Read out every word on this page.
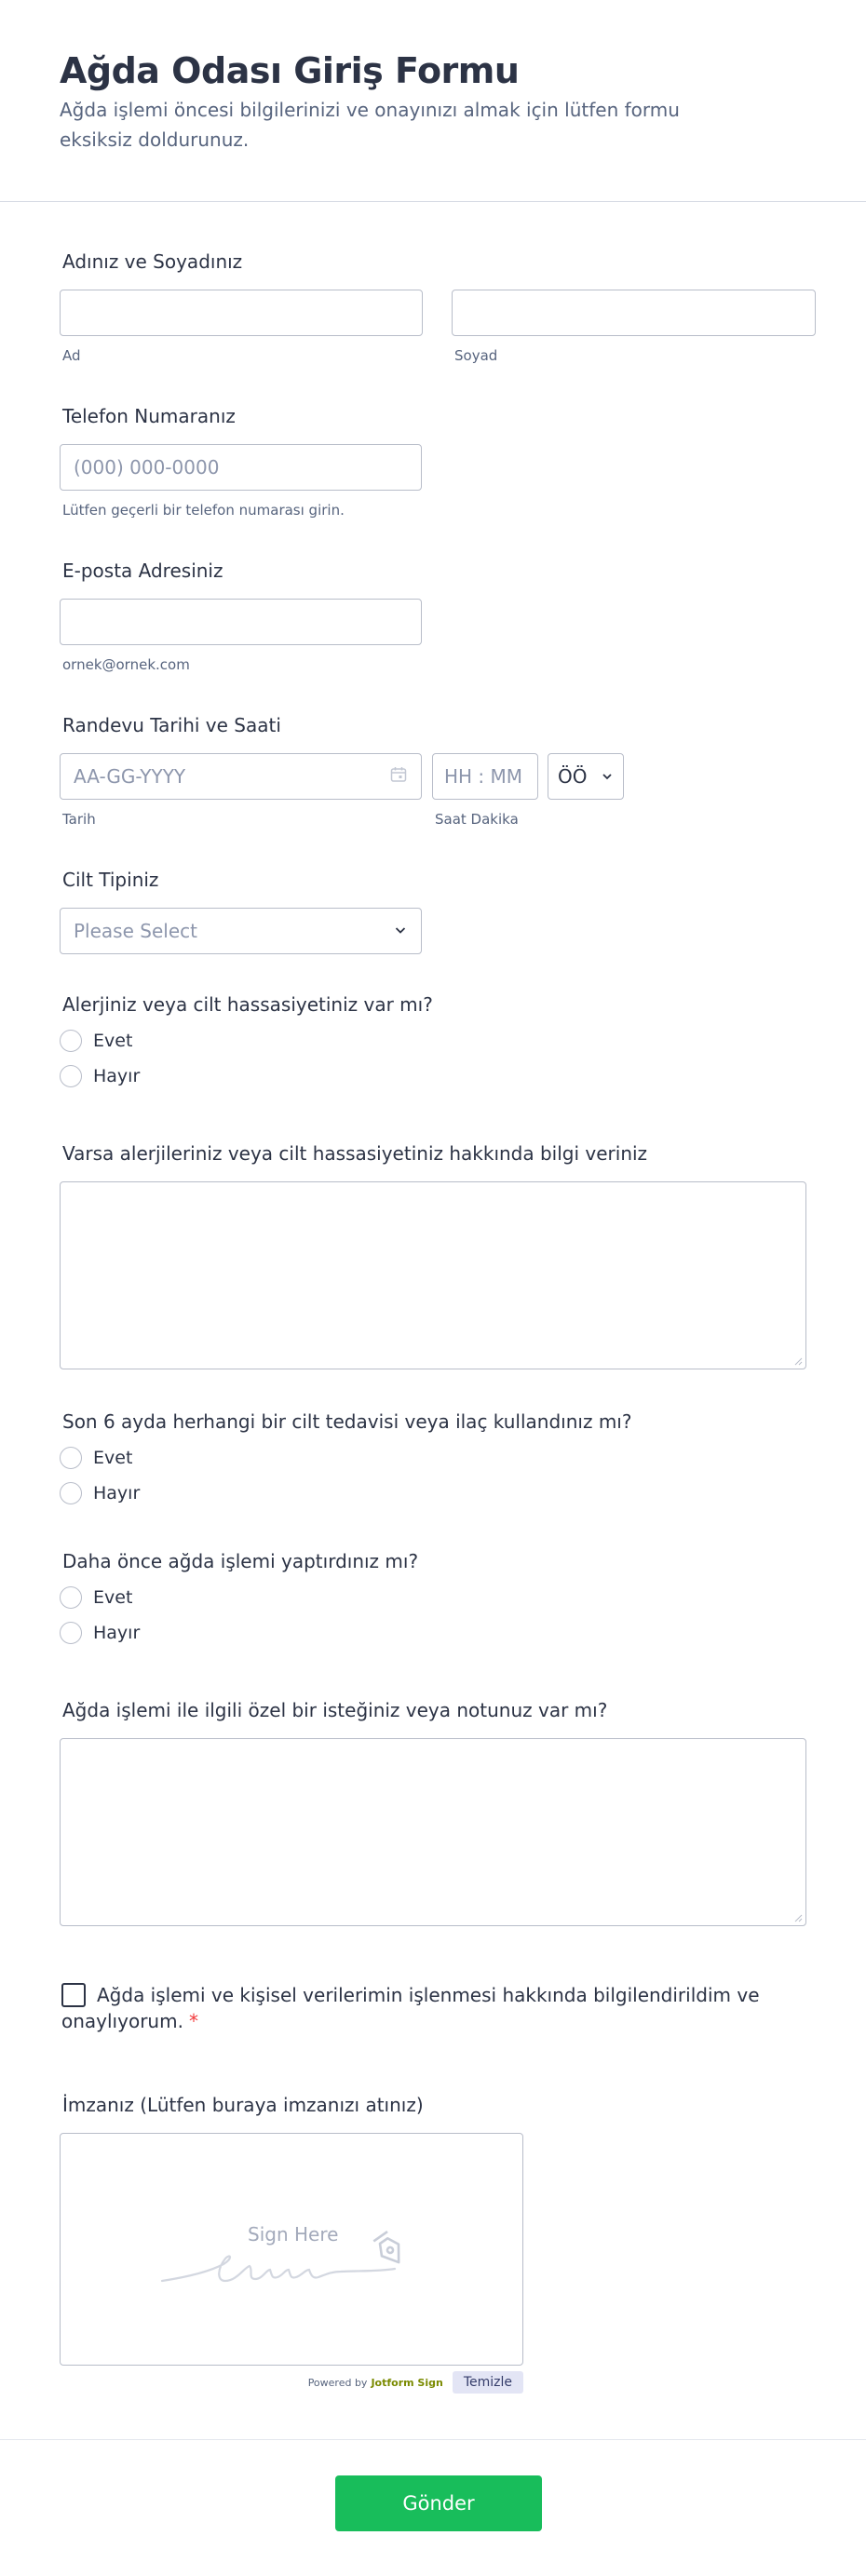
Ağda Odası Giriş Formu

Ağda işlemi öncesi bilgilerinizi ve onayınızı almak için lütfen formu eksiksiz doldurunuz.

Adınız ve Soyadınız
Ad	Soyad
Telefon Numaranız
(000) 000-0000
Lütfen geçerli bir telefon numarası girin.
E-posta Adresiniz
ornek@ornek.com
Randevu Tarihi ve Saati
AA-GG-YYYY
Tarih
HH : MM
Saat Dakika
ÖÖ
Cilt Tipiniz
Please Select
Alerjiniz veya cilt hassasiyetiniz var mı?
Evet
Hayır
Varsa alerjileriniz veya cilt hassasiyetiniz hakkında bilgi veriniz
Son 6 ayda herhangi bir cilt tedavisi veya ilaç kullandınız mı?
Evet
Hayır
Daha önce ağda işlemi yaptırdınız mı?
Evet
Hayır
Ağda işlemi ile ilgili özel bir isteğiniz veya notunuz var mı?
Ağda işlemi ve kişisel verilerimin işlenmesi hakkında bilgilendirildim ve onaylıyorum. *
İmzanız (Lütfen buraya imzanızı atınız)
Sign Here
Powered by Jotform Sign	Temizle
Gönder
